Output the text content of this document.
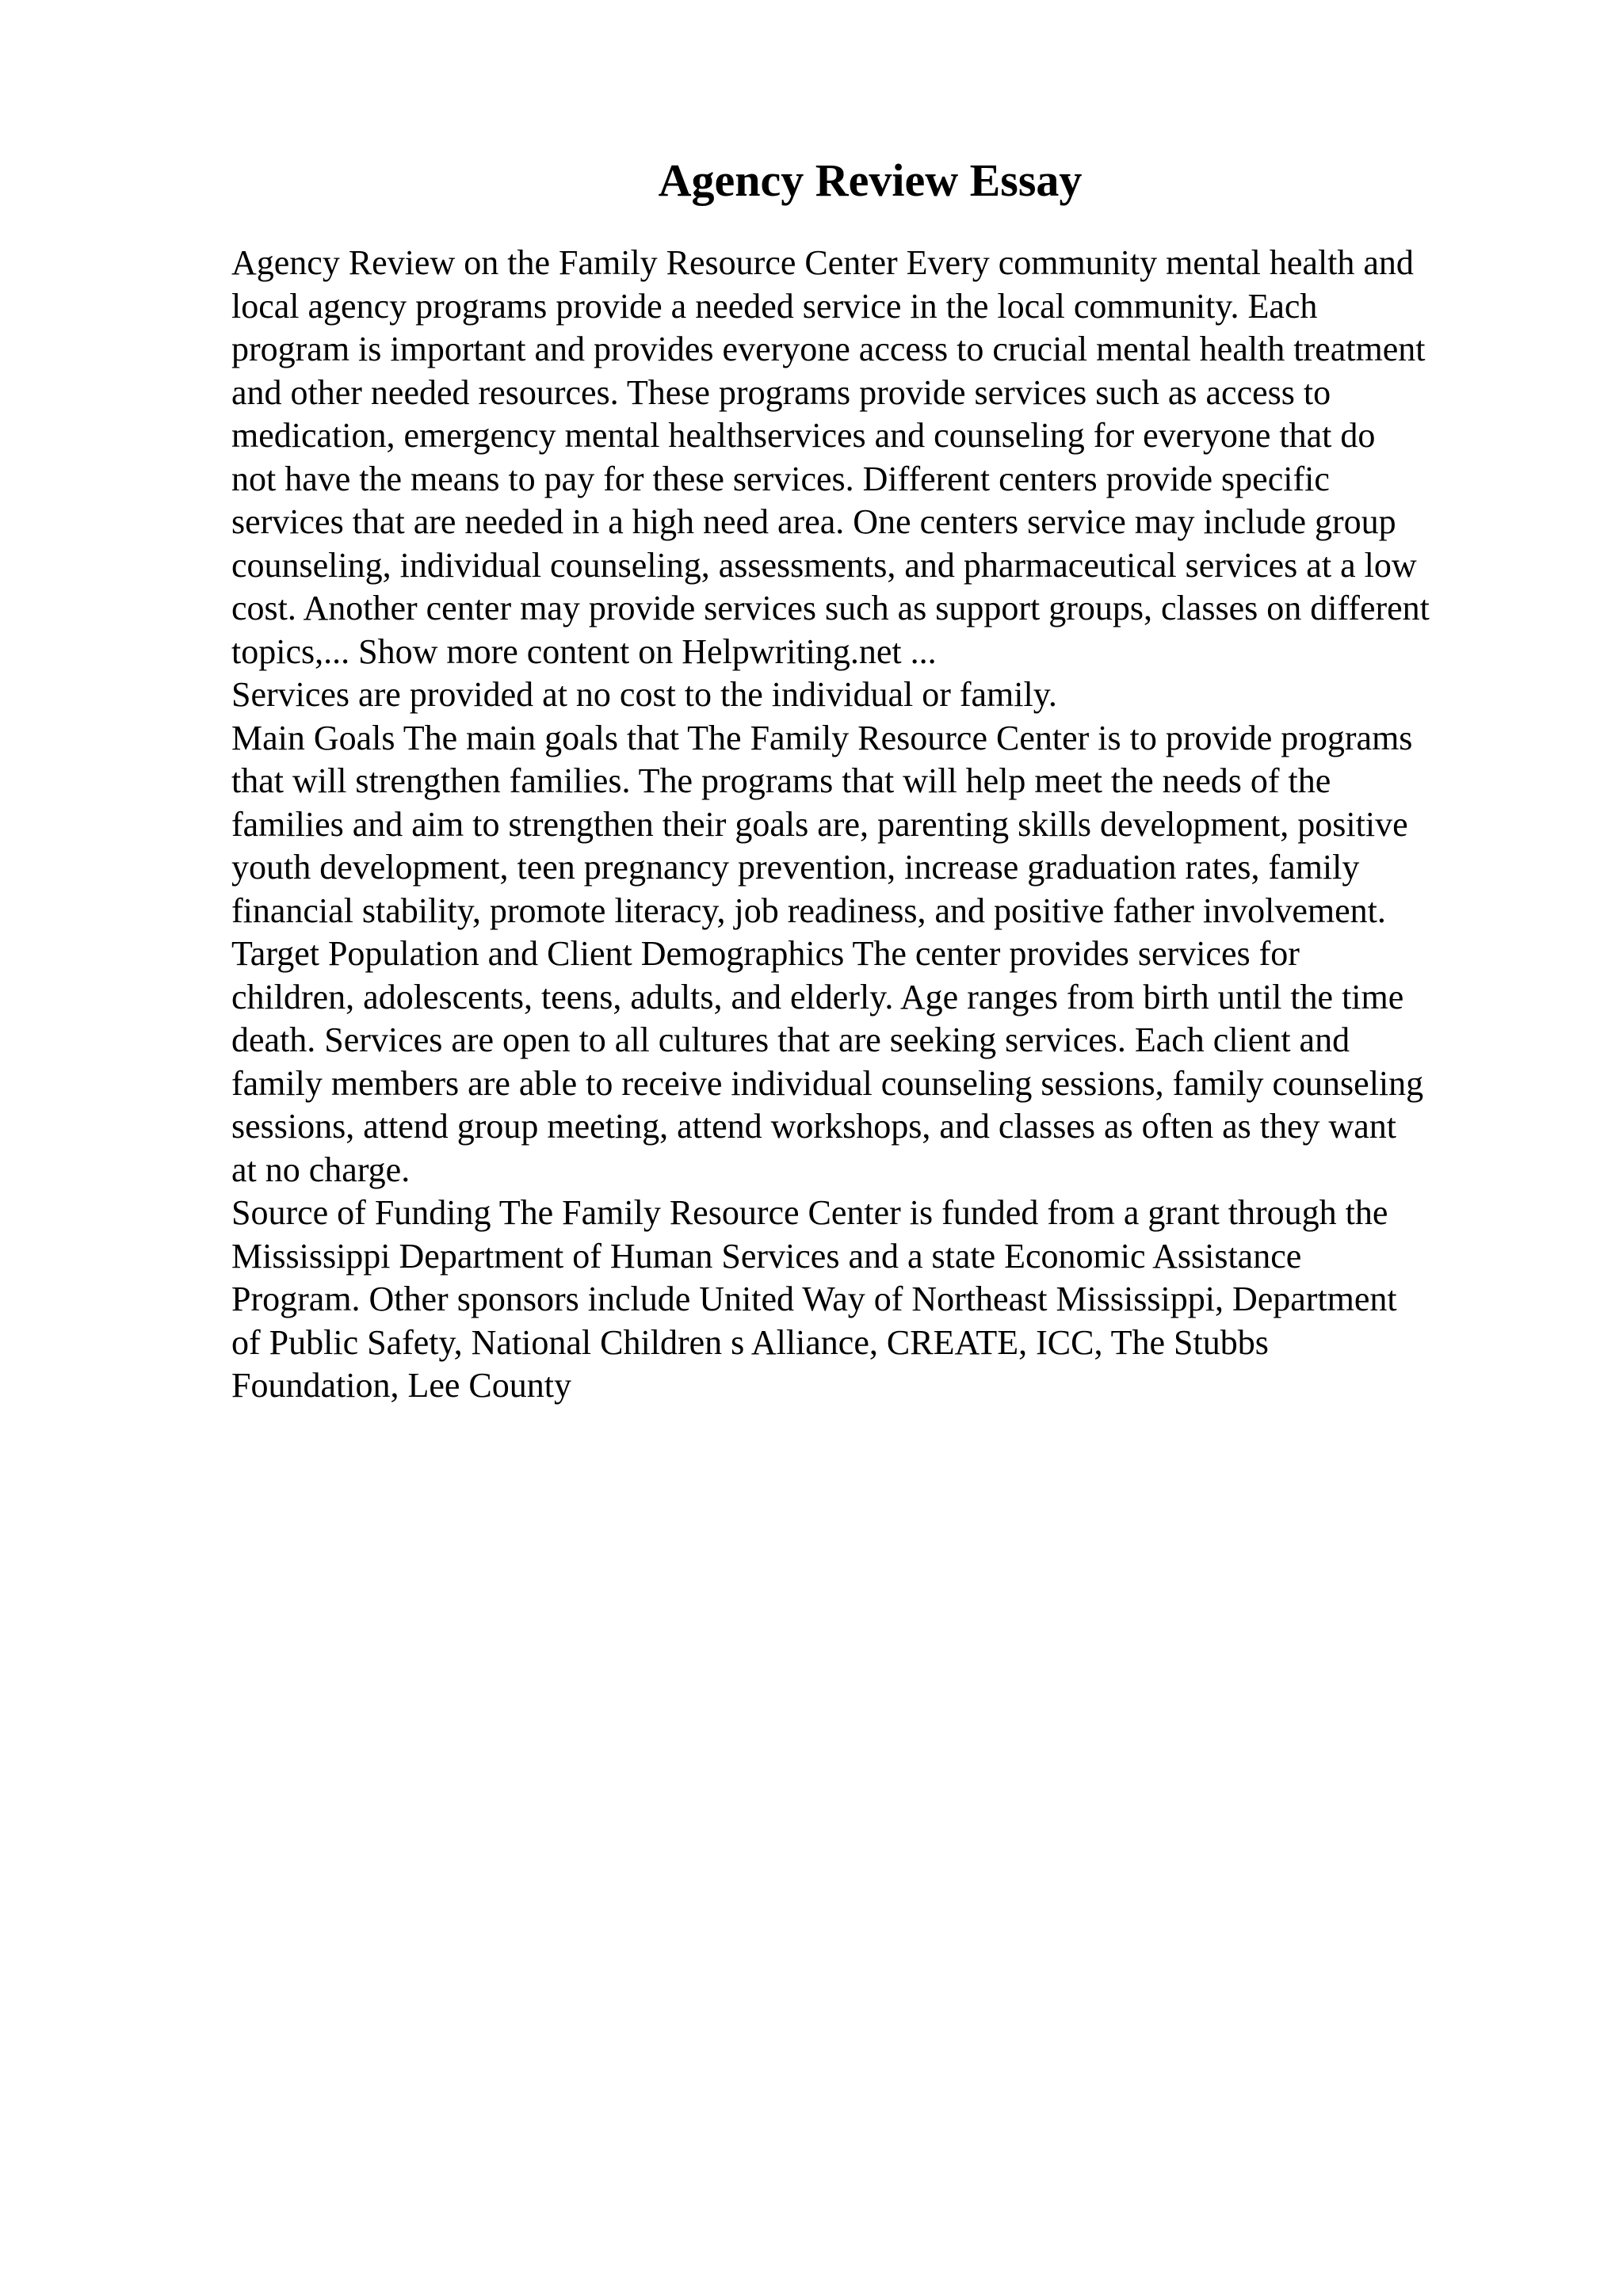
Agency Review Essay
Agency Review on the Family Resource Center Every community mental health and
local agency programs provide a needed service in the local community. Each
program is important and provides everyone access to crucial mental health treatment
and other needed resources. These programs provide services such as access to
medication, emergency mental healthservices and counseling for everyone that do
not have the means to pay for these services. Different centers provide specific
services that are needed in a high need area. One centers service may include group
counseling, individual counseling, assessments, and pharmaceutical services at a low
cost. Another center may provide services such as support groups, classes on different
topics,... Show more content on Helpwriting.net ...
Services are provided at no cost to the individual or family.
Main Goals The main goals that The Family Resource Center is to provide programs
that will strengthen families. The programs that will help meet the needs of the
families and aim to strengthen their goals are, parenting skills development, positive
youth development, teen pregnancy prevention, increase graduation rates, family
financial stability, promote literacy, job readiness, and positive father involvement.
Target Population and Client Demographics The center provides services for
children, adolescents, teens, adults, and elderly. Age ranges from birth until the time
death. Services are open to all cultures that are seeking services. Each client and
family members are able to receive individual counseling sessions, family counseling
sessions, attend group meeting, attend workshops, and classes as often as they want
at no charge.
Source of Funding The Family Resource Center is funded from a grant through the
Mississippi Department of Human Services and a state Economic Assistance
Program. Other sponsors include United Way of Northeast Mississippi, Department
of Public Safety, National Children s Alliance, CREATE, ICC, The Stubbs
Foundation, Lee County
